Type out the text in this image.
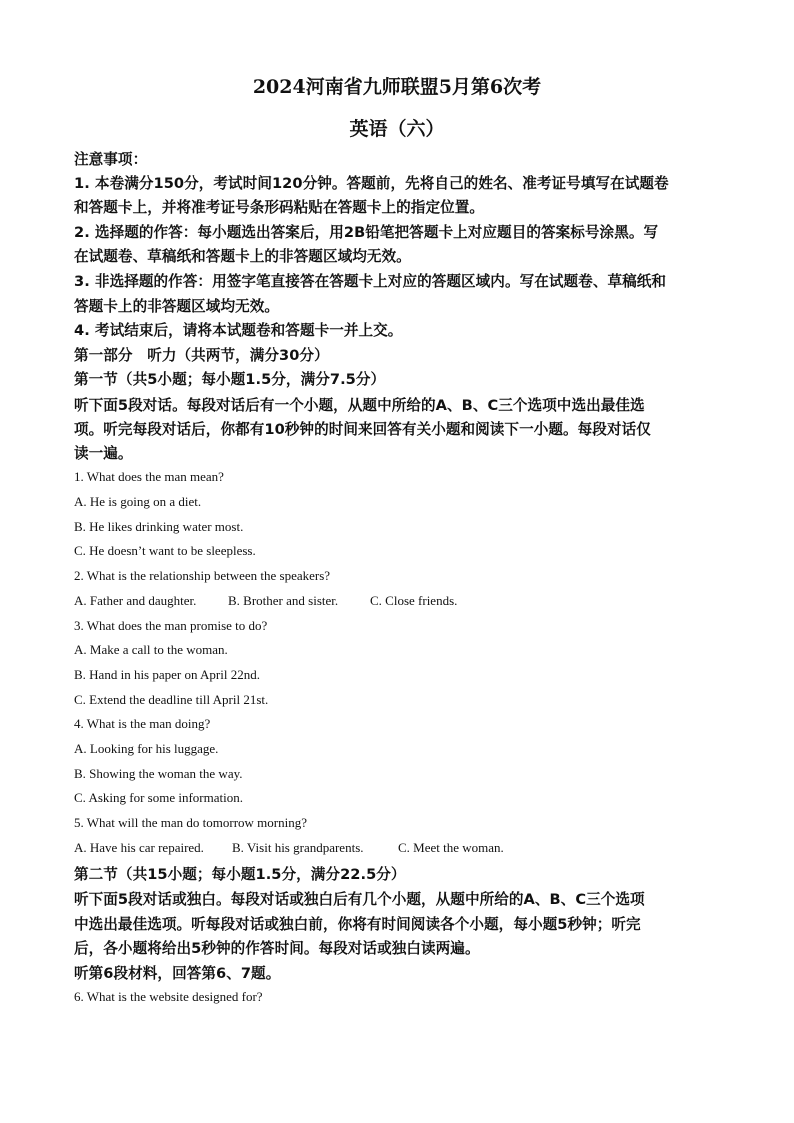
2024河南省九师联盟5月第6次考
英语（六）
注意事项：
1. 本卷满分150分，考试时间120分钟。答题前，先将自己的姓名、准考证号填写在试题卷
和答题卡上，并将准考证号条形码粘贴在答题卡上的指定位置。
2. 选择题的作答：每小题选出答案后，用2B铅笔把答题卡上对应题目的答案标号涂黑。写
在试题卷、草稿纸和答题卡上的非答题区域均无效。
3. 非选择题的作答：用签字笔直接答在答题卡上对应的答题区域内。写在试题卷、草稿纸和
答题卡上的非答题区域均无效。
4. 考试结束后，请将本试题卷和答题卡一并上交。
第一部分　听力（共两节，满分30分）
第一节（共5小题；每小题1.5分，满分7.5分）
听下面5段对话。每段对话后有一个小题，从题中所给的A、B、C三个选项中选出最佳选
项。听完每段对话后，你都有10秒钟的时间来回答有关小题和阅读下一小题。每段对话仅
读一遍。
1. What does the man mean?
A. He is going on a diet.
B. He likes drinking water most.
C. He doesn’t want to be sleepless.
2. What is the relationship between the speakers?
A. Father and daughter. B. Brother and sister. C. Close friends.
3. What does the man promise to do?
A. Make a call to the woman.
B. Hand in his paper on April 22nd.
C. Extend the deadline till April 21st.
4. What is the man doing?
A. Looking for his luggage.
B. Showing the woman the way.
C. Asking for some information.
5. What will the man do tomorrow morning?
A. Have his car repaired. B. Visit his grandparents.	C. Meet the woman.
第二节（共15小题；每小题1.5分，满分22.5分）
听下面5段对话或独白。每段对话或独白后有几个小题，从题中所给的A、B、C三个选项
中选出最佳选项。听每段对话或独白前，你将有时间阅读各个小题，每小题5秒钟；听完
后，各小题将给出5秒钟的作答时间。每段对话或独白读两遍。
听第6段材料，回答第6、7题。
6. What is the website designed for?
